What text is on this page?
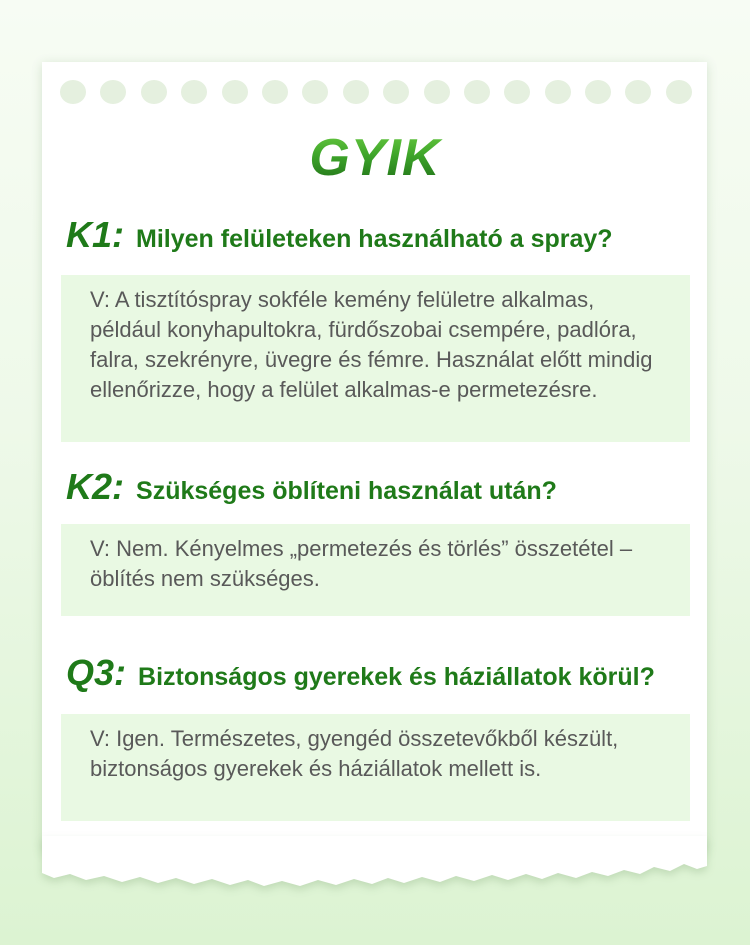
GYIK
K1: Milyen felületeken használható a spray?

V: A tisztítóspray sokféle kemény felületre alkalmas, például konyhapultokra, fürdőszobai csempére, padlóra, falra, szekrényre, üvegre és fémre. Használat előtt mindig ellenőrizze, hogy a felület alkalmas-e permetezésre.

K2: Szükséges öblíteni használat után?

V: Nem. Kényelmes „permetezés és törlés” összetétel – öblítés nem szükséges.

Q3: Biztonságos gyerekek és háziállatok körül?

V: Igen. Természetes, gyengéd összetevőkből készült, biztonságos gyerekek és háziállatok mellett is.
